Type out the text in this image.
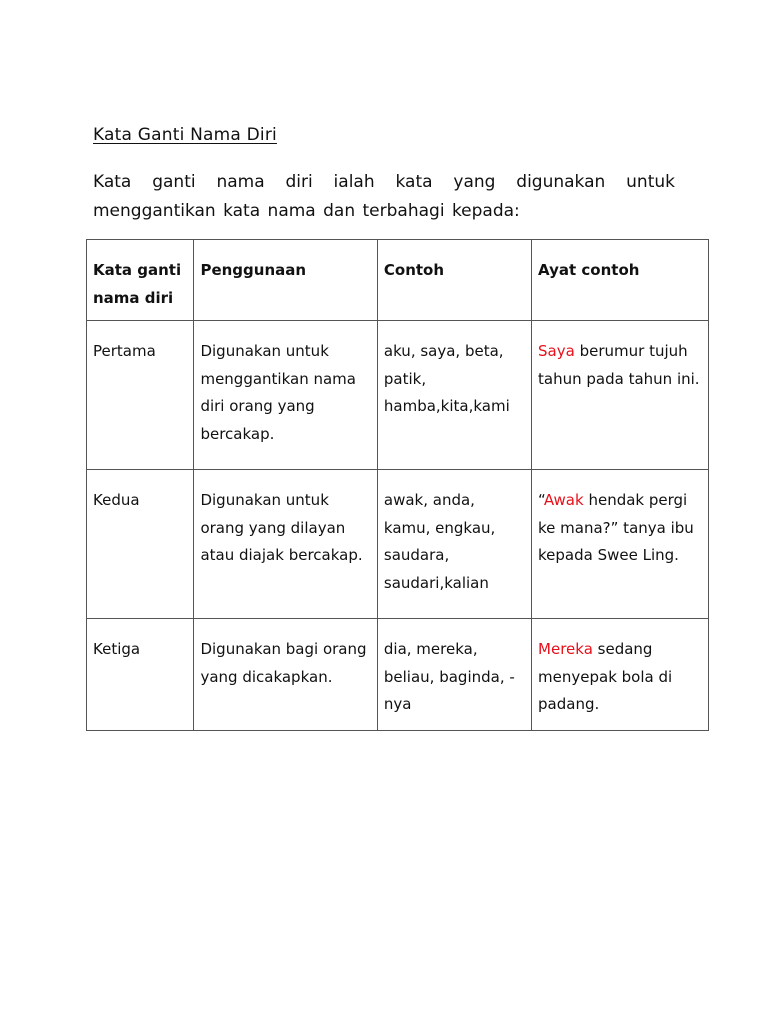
Kata Ganti Nama Diri
Kata ganti nama diri ialah kata yang digunakan untuk
menggantikan kata nama dan terbahagi kepada:
Kata ganti nama diri	Penggunaan	Contoh	Ayat contoh
Pertama	Digunakan untuk menggantikan nama diri orang yang bercakap.	aku, saya, beta, patik, hamba,kita,kami	Saya berumur tujuh tahun pada tahun ini.
Kedua	Digunakan untuk orang yang dilayan atau diajak bercakap.	awak, anda, kamu, engkau, saudara, saudari,kalian	“Awak hendak pergi ke mana?” tanya ibu kepada Swee Ling.
Ketiga	Digunakan bagi orang yang dicakapkan.	dia, mereka, beliau, baginda, -nya	Mereka sedang menyepak bola di padang.
